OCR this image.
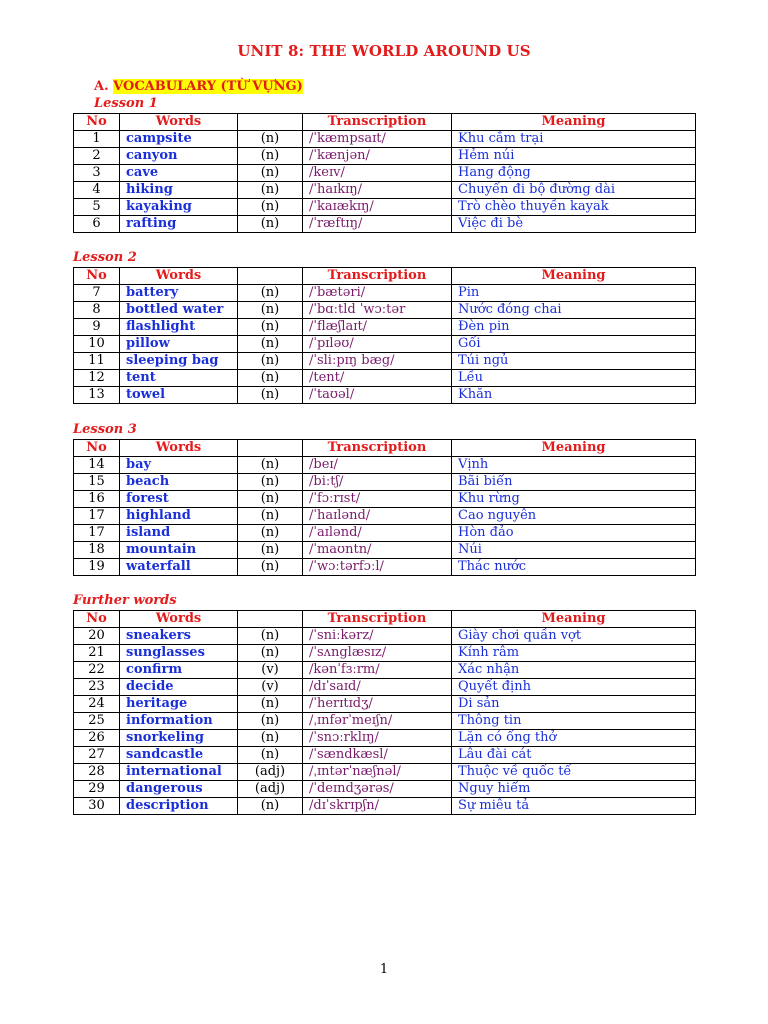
UNIT 8: THE WORLD AROUND US
A. VOCABULARY (TỪ VỰNG)
Lesson 1
No	Words		Transcription	Meaning
1	campsite	(n)	/ˈkæmpsaɪt/	Khu cắm trại
2	canyon	(n)	/ˈkænjən/	Hẻm núi
3	cave	(n)	/keɪv/	Hang động
4	hiking	(n)	/ˈhaɪkɪŋ/	Chuyến đi bộ đường dài
5	kayaking	(n)	/ˈkaɪækɪŋ/	Trò chèo thuyền kayak
6	rafting	(n)	/ˈræftɪŋ/	Việc đi bè
Lesson 2
No	Words		Transcription	Meaning
7	battery	(n)	/ˈbætəri/	Pin
8	bottled water	(n)	/ˈbɑːtld ˈwɔːtər	Nước đóng chai
9	flashlight	(n)	/ˈflæʃlaɪt/	Đèn pin
10	pillow	(n)	/ˈpɪləʊ/	Gối
11	sleeping bag	(n)	/ˈsliːpɪŋ bæg/	Túi ngủ
12	tent	(n)	/tent/	Lều
13	towel	(n)	/ˈtaʊəl/	Khăn
Lesson 3
No	Words		Transcription	Meaning
14	bay	(n)	/beɪ/	Vịnh
15	beach	(n)	/biːtʃ/	Bãi biển
16	forest	(n)	/ˈfɔːrɪst/	Khu rừng
17	highland	(n)	/ˈhaɪlənd/	Cao nguyên
17	island	(n)	/ˈaɪlənd/	Hòn đảo
18	mountain	(n)	/ˈmaʊntn/	Núi
19	waterfall	(n)	/ˈwɔːtərfɔːl/	Thác nước
Further words
No	Words		Transcription	Meaning
20	sneakers	(n)	/ˈsniːkərz/	Giày chơi quần vợt
21	sunglasses	(n)	/ˈsʌnglæsɪz/	Kính râm
22	confirm	(v)	/kənˈfɜːrm/	Xác nhận
23	decide	(v)	/dɪˈsaɪd/	Quyết định
24	heritage	(n)	/ˈherɪtɪdʒ/	Di sản
25	information	(n)	/ˌɪnfərˈmeɪʃn/	Thông tin
26	snorkeling	(n)	/ˈsnɔːrklɪŋ/	Lặn có ống thở
27	sandcastle	(n)	/ˈsændkæsl/	Lâu đài cát
28	international	(adj)	/ˌɪntərˈnæʃnəl/	Thuộc về quốc tế
29	dangerous	(adj)	/ˈdeɪndʒərəs/	Nguy hiểm
30	description	(n)	/dɪˈskrɪpʃn/	Sự miêu tả
1
